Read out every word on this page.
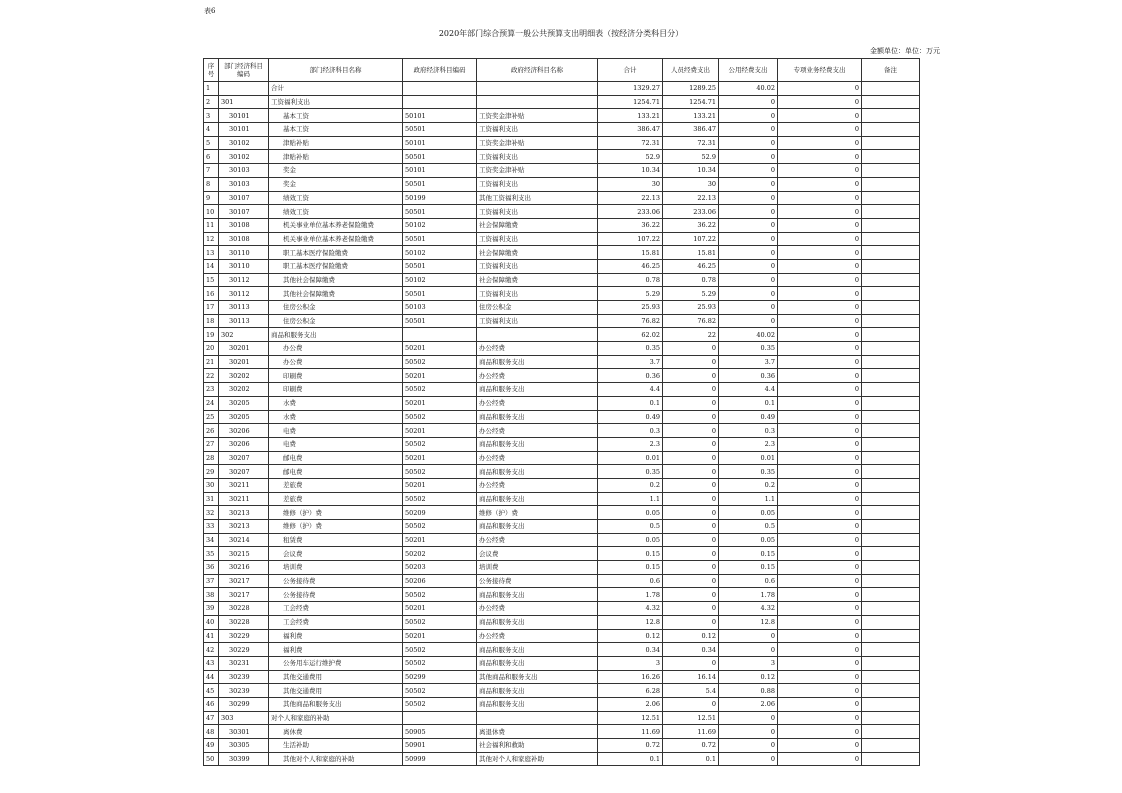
表6
2020年部门综合预算一般公共预算支出明细表（按经济分类科目分）
金额单位：单位：万元
序号	部门经济科目编码	部门经济科目名称	政府经济科目编码	政府经济科目名称	合计	人员经费支出	公用经费支出	专项业务经费支出	备注
1		合计			1329.27	1289.25	40.02	0	
2	301	工资福利支出			1254.71	1254.71	0	0	
3	30101	基本工资	50101	工资奖金津补贴	133.21	133.21	0	0	
4	30101	基本工资	50501	工资福利支出	386.47	386.47	0	0	
5	30102	津贴补贴	50101	工资奖金津补贴	72.31	72.31	0	0	
6	30102	津贴补贴	50501	工资福利支出	52.9	52.9	0	0	
7	30103	奖金	50101	工资奖金津补贴	10.34	10.34	0	0	
8	30103	奖金	50501	工资福利支出	30	30	0	0	
9	30107	绩效工资	50199	其他工资福利支出	22.13	22.13	0	0	
10	30107	绩效工资	50501	工资福利支出	233.06	233.06	0	0	
11	30108	机关事业单位基本养老保险缴费	50102	社会保障缴费	36.22	36.22	0	0	
12	30108	机关事业单位基本养老保险缴费	50501	工资福利支出	107.22	107.22	0	0	
13	30110	职工基本医疗保险缴费	50102	社会保障缴费	15.81	15.81	0	0	
14	30110	职工基本医疗保险缴费	50501	工资福利支出	46.25	46.25	0	0	
15	30112	其他社会保障缴费	50102	社会保障缴费	0.78	0.78	0	0	
16	30112	其他社会保障缴费	50501	工资福利支出	5.29	5.29	0	0	
17	30113	住房公积金	50103	住房公积金	25.93	25.93	0	0	
18	30113	住房公积金	50501	工资福利支出	76.82	76.82	0	0	
19	302	商品和服务支出			62.02	22	40.02	0	
20	30201	办公费	50201	办公经费	0.35	0	0.35	0	
21	30201	办公费	50502	商品和服务支出	3.7	0	3.7	0	
22	30202	印刷费	50201	办公经费	0.36	0	0.36	0	
23	30202	印刷费	50502	商品和服务支出	4.4	0	4.4	0	
24	30205	水费	50201	办公经费	0.1	0	0.1	0	
25	30205	水费	50502	商品和服务支出	0.49	0	0.49	0	
26	30206	电费	50201	办公经费	0.3	0	0.3	0	
27	30206	电费	50502	商品和服务支出	2.3	0	2.3	0	
28	30207	邮电费	50201	办公经费	0.01	0	0.01	0	
29	30207	邮电费	50502	商品和服务支出	0.35	0	0.35	0	
30	30211	差旅费	50201	办公经费	0.2	0	0.2	0	
31	30211	差旅费	50502	商品和服务支出	1.1	0	1.1	0	
32	30213	维修（护）费	50209	维修（护）费	0.05	0	0.05	0	
33	30213	维修（护）费	50502	商品和服务支出	0.5	0	0.5	0	
34	30214	租赁费	50201	办公经费	0.05	0	0.05	0	
35	30215	会议费	50202	会议费	0.15	0	0.15	0	
36	30216	培训费	50203	培训费	0.15	0	0.15	0	
37	30217	公务接待费	50206	公务接待费	0.6	0	0.6	0	
38	30217	公务接待费	50502	商品和服务支出	1.78	0	1.78	0	
39	30228	工会经费	50201	办公经费	4.32	0	4.32	0	
40	30228	工会经费	50502	商品和服务支出	12.8	0	12.8	0	
41	30229	福利费	50201	办公经费	0.12	0.12	0	0	
42	30229	福利费	50502	商品和服务支出	0.34	0.34	0	0	
43	30231	公务用车运行维护费	50502	商品和服务支出	3	0	3	0	
44	30239	其他交通费用	50299	其他商品和服务支出	16.26	16.14	0.12	0	
45	30239	其他交通费用	50502	商品和服务支出	6.28	5.4	0.88	0	
46	30299	其他商品和服务支出	50502	商品和服务支出	2.06	0	2.06	0	
47	303	对个人和家庭的补助			12.51	12.51	0	0	
48	30301	离休费	50905	离退休费	11.69	11.69	0	0	
49	30305	生活补助	50901	社会福利和救助	0.72	0.72	0	0	
50	30399	其他对个人和家庭的补助	50999	其他对个人和家庭补助	0.1	0.1	0	0	
